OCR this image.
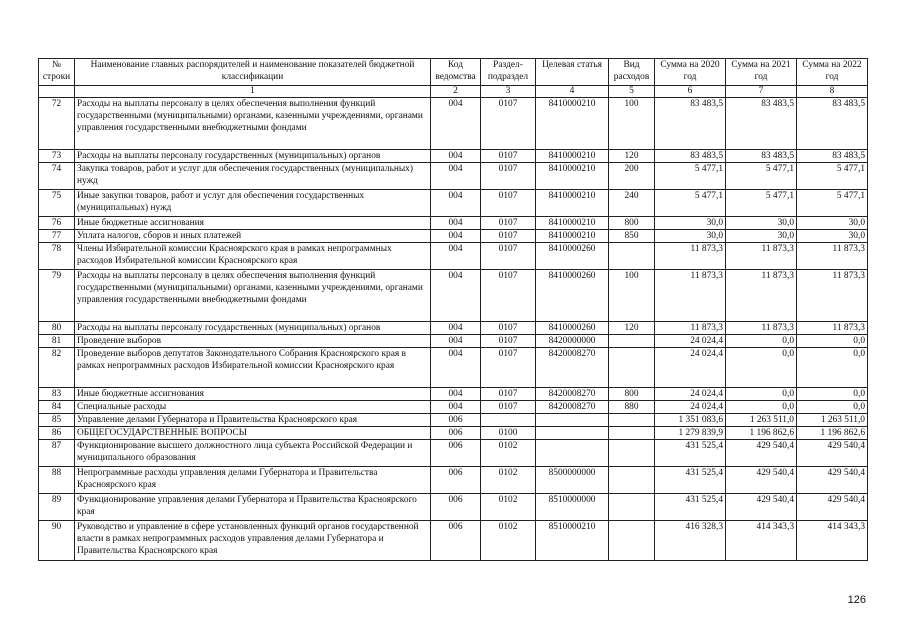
№ строки	Наименование главных распорядителей и наименование показателей бюджетной классификации	Код ведомства	Раздел-подраздел	Целевая статья	Вид расходов	Сумма на 2020 год	Сумма на 2021 год	Сумма на 2022 год
	1	2	3	4	5	6	7	8
72	Расходы на выплаты персоналу в целях обеспечения выполнения функций государственными (муниципальными) органами, казенными учреждениями, органами управления государственными внебюджетными фондами	004	0107	8410000210	100	83 483,5	83 483,5	83 483,5
73	Расходы на выплаты персоналу государственных (муниципальных) органов	004	0107	8410000210	120	83 483,5	83 483,5	83 483,5
74	Закупка товаров, работ и услуг для обеспечения государственных (муниципальных) нужд	004	0107	8410000210	200	5 477,1	5 477,1	5 477,1
75	Иные закупки товаров, работ и услуг для обеспечения государственных (муниципальных) нужд	004	0107	8410000210	240	5 477,1	5 477,1	5 477,1
76	Иные бюджетные ассигнования	004	0107	8410000210	800	30,0	30,0	30,0
77	Уплата налогов, сборов и иных платежей	004	0107	8410000210	850	30,0	30,0	30,0
78	Члены Избирательной комиссии Красноярского края в рамках непрограммных расходов Избирательной комиссии Красноярского края	004	0107	8410000260		11 873,3	11 873,3	11 873,3
79	Расходы на выплаты персоналу в целях обеспечения выполнения функций государственными (муниципальными) органами, казенными учреждениями, органами управления государственными внебюджетными фондами	004	0107	8410000260	100	11 873,3	11 873,3	11 873,3
80	Расходы на выплаты персоналу государственных (муниципальных) органов	004	0107	8410000260	120	11 873,3	11 873,3	11 873,3
81	Проведение выборов	004	0107	8420000000		24 024,4	0,0	0,0
82	Проведение выборов депутатов Законодательного Собрания Красноярского края в рамках непрограммных расходов Избирательной комиссии Красноярского края	004	0107	8420008270		24 024,4	0,0	0,0
83	Иные бюджетные ассигнования	004	0107	8420008270	800	24 024,4	0,0	0,0
84	Специальные расходы	004	0107	8420008270	880	24 024,4	0,0	0,0
85	Управление делами Губернатора и Правительства Красноярского края	006				1 351 083,6	1 263 511,0	1 263 511,0
86	ОБЩЕГОСУДАРСТВЕННЫЕ ВОПРОСЫ	006	0100			1 279 839,9	1 196 862,6	1 196 862,6
87	Функционирование высшего должностного лица субъекта Российской Федерации и муниципального образования	006	0102			431 525,4	429 540,4	429 540,4
88	Непрограммные расходы управления делами Губернатора и Правительства Красноярского края	006	0102	8500000000		431 525,4	429 540,4	429 540,4
89	Функционирование управления делами Губернатора и Правительства Красноярского края	006	0102	8510000000		431 525,4	429 540,4	429 540,4
90	Руководство и управление в сфере установленных функций органов государственной власти в рамках непрограммных расходов управления делами Губернатора и Правительства Красноярского края	006	0102	8510000210		416 328,3	414 343,3	414 343,3
126
